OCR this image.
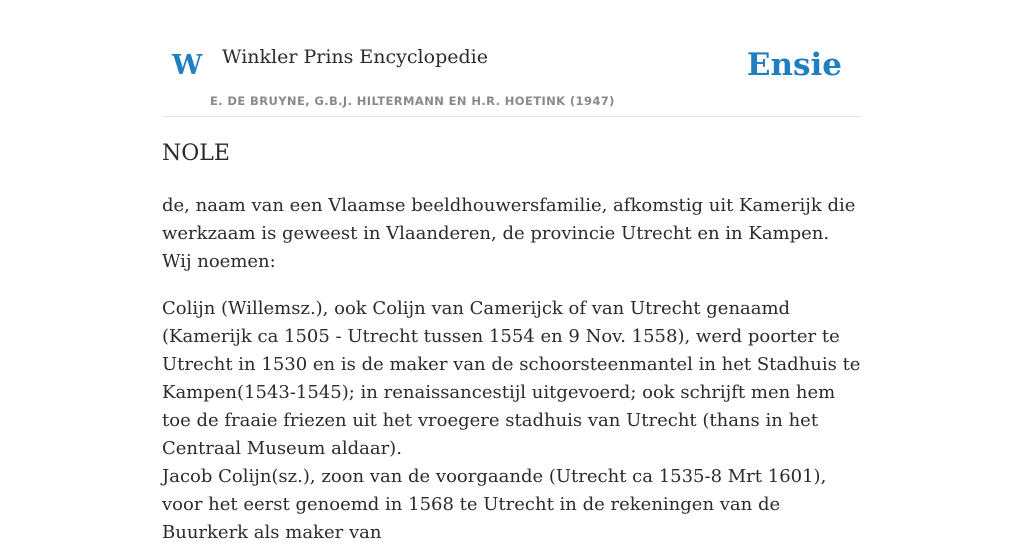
W Winkler Prins Encyclopedie
E. DE BRUYNE, G.B.J. HILTERMANN EN H.R. HOETINK (1947)
Ensie
NOLE

de, naam van een Vlaamse beeldhouwersfamilie, afkomstig uit Kamerijk die werkzaam is geweest in Vlaanderen, de provincie Utrecht en in Kampen. Wij noemen:

Colijn (Willemsz.), ook Colijn van Camerijck of van Utrecht genaamd (Kamerijk ca 1505 - Utrecht tussen 1554 en 9 Nov. 1558), werd poorter te Utrecht in 1530 en is de maker van de schoorsteenmantel in het Stadhuis te Kampen(1543-1545); in renaissancestijl uitgevoerd; ook schrijft men hem toe de fraaie friezen uit het vroegere stadhuis van Utrecht (thans in het Centraal Museum aldaar).

Jacob Colijn(sz.), zoon van de voorgaande (Utrecht ca 1535-8 Mrt 1601), voor het eerst genoemd in 1568 te Utrecht in de rekeningen van de Buurkerk als maker van
